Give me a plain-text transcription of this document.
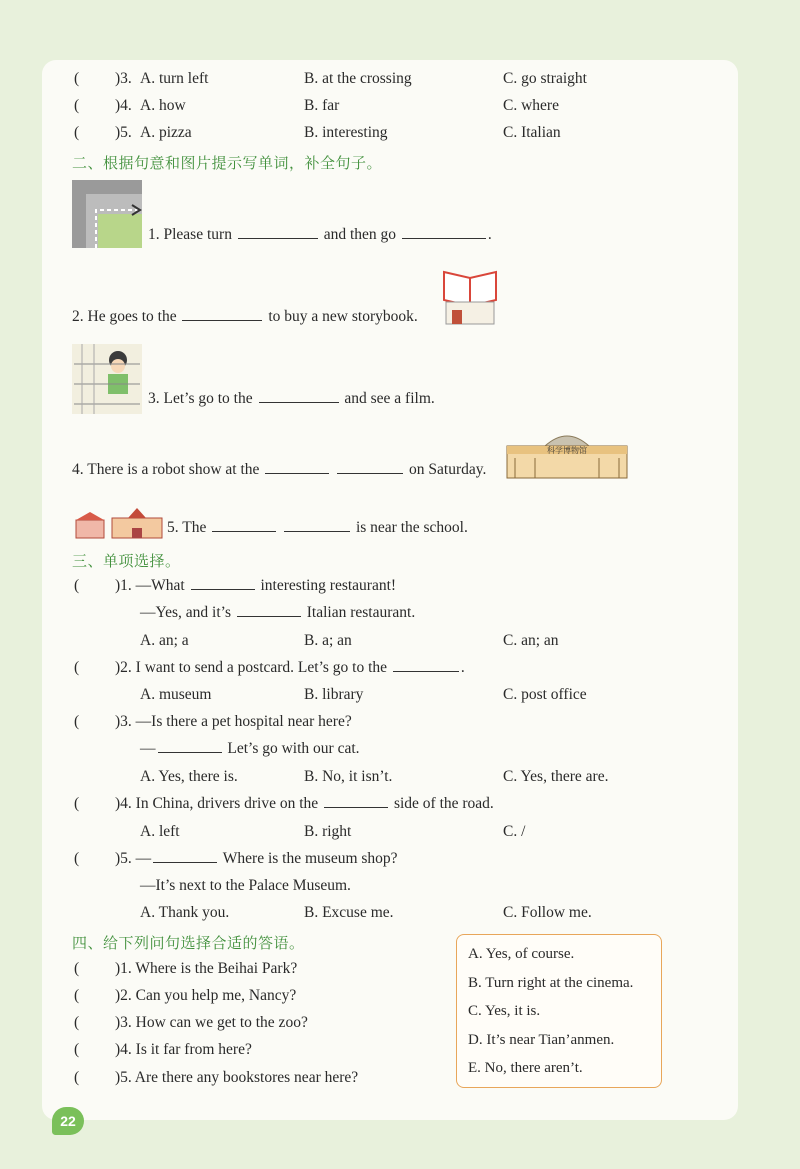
( )3. A. turn left	B. at the crossing	C. go straight
( )4. A. how	B. far	C. where
( )5. A. pizza	B. interesting	C. Italian
二、根据句意和图片提示写单词，补全句子。
1. Please turn	and then go	.
2. He goes to the	to buy a new storybook.
3. Let’s go to the	and see a film.
4. There is a robot show at the	on Saturday.
科学博物馆
5. The	is near the school.
三、单项选择。
( )1. —What	interesting restaurant!
—Yes, and it’s	Italian restaurant.
A. an; a	B. a; an	C. an; an
( )2. I want to send a postcard. Let’s go to the	.
A. museum	B. library	C. post office
( )3. —Is there a pet hospital near here?
—	Let’s go with our cat.
A. Yes, there is.	B. No, it isn’t.	C. Yes, there are.
( )4. In China, drivers drive on the	side of the road.
A. left	B. right	C. /
( )5. —	Where is the museum shop?
—It’s next to the Palace Museum.
A. Thank you.	B. Excuse me.	C. Follow me.
四、给下列问句选择合适的答语。
( )1. Where is the Beihai Park?
( )2. Can you help me, Nancy?
( )3. How can we get to the zoo?
( )4. Is it far from here?
( )5. Are there any bookstores near here?
A. Yes, of course.
B. Turn right at the cinema.
C. Yes, it is.
D. It’s near Tian’anmen.
E. No, there aren’t.
22
